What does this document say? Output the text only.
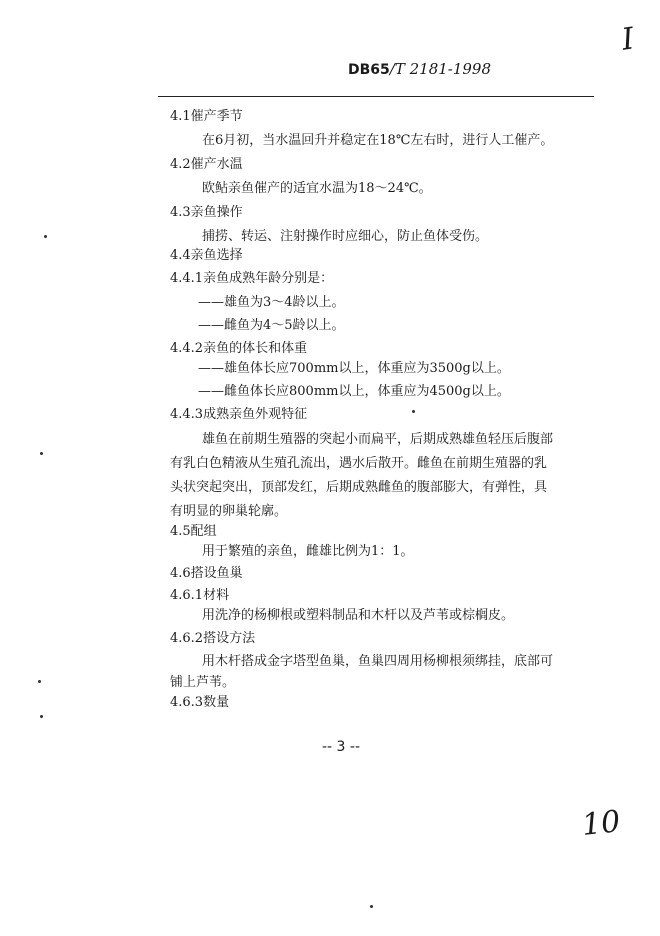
I
DB65/T 2181-1998
4.1催产季节
在6月初，当水温回升并稳定在18℃左右时，进行人工催产。
4.2催产水温
欧鲇亲鱼催产的适宜水温为18～24℃。
4.3亲鱼操作
捕捞、转运、注射操作时应细心，防止鱼体受伤。
4.4亲鱼选择
4.4.1亲鱼成熟年龄分别是：
——雄鱼为3～4龄以上。
——雌鱼为4～5龄以上。
4.4.2亲鱼的体长和体重
——雄鱼体长应700mm以上，体重应为3500g以上。
——雌鱼体长应800mm以上，体重应为4500g以上。
4.4.3成熟亲鱼外观特征
雄鱼在前期生殖器的突起小而扁平，后期成熟雄鱼轻压后腹部
有乳白色精液从生殖孔流出，遇水后散开。雌鱼在前期生殖器的乳
头状突起突出，顶部发红，后期成熟雌鱼的腹部膨大，有弹性，具
有明显的卵巢轮廓。
4.5配组
用于繁殖的亲鱼，雌雄比例为1：1。
4.6搭设鱼巢
4.6.1材料
用洗净的杨柳根或塑料制品和木杆以及芦苇或棕榈皮。
4.6.2搭设方法
用木杆搭成金字塔型鱼巢，鱼巢四周用杨柳根须绑挂，底部可
铺上芦苇。
4.6.3数量
-- 3 --
10
